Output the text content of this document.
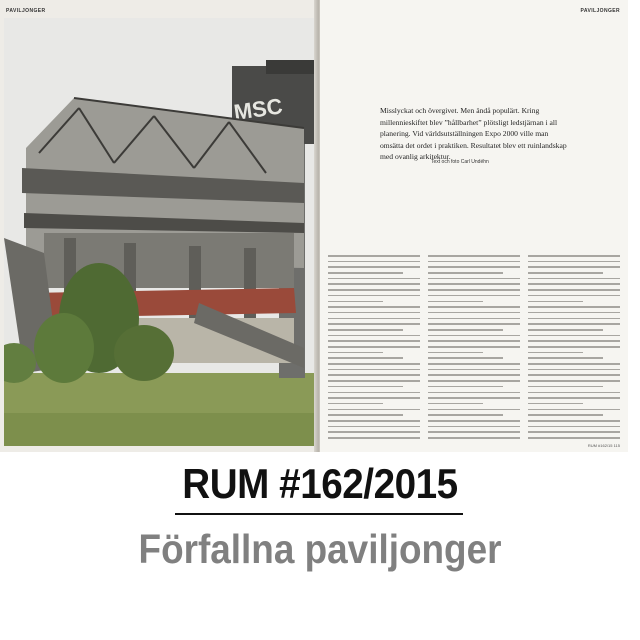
PAVILJONGER
MSC
PAVILJONGER
Misslyckat och övergivet. Men ändå populärt. Kring millennieskiftet blev ”hållbarhet” plötsligt ledstjärnan i all planering. Vid världsutställningen Expo 2000 ville man omsätta det ordet i praktiken. Resultatet blev ett ruinlandskap med ovanlig arkitektur.
Text och foto Carl Undéhn
RUM #162/15 115
RUM #162/2015
Förfallna paviljonger
